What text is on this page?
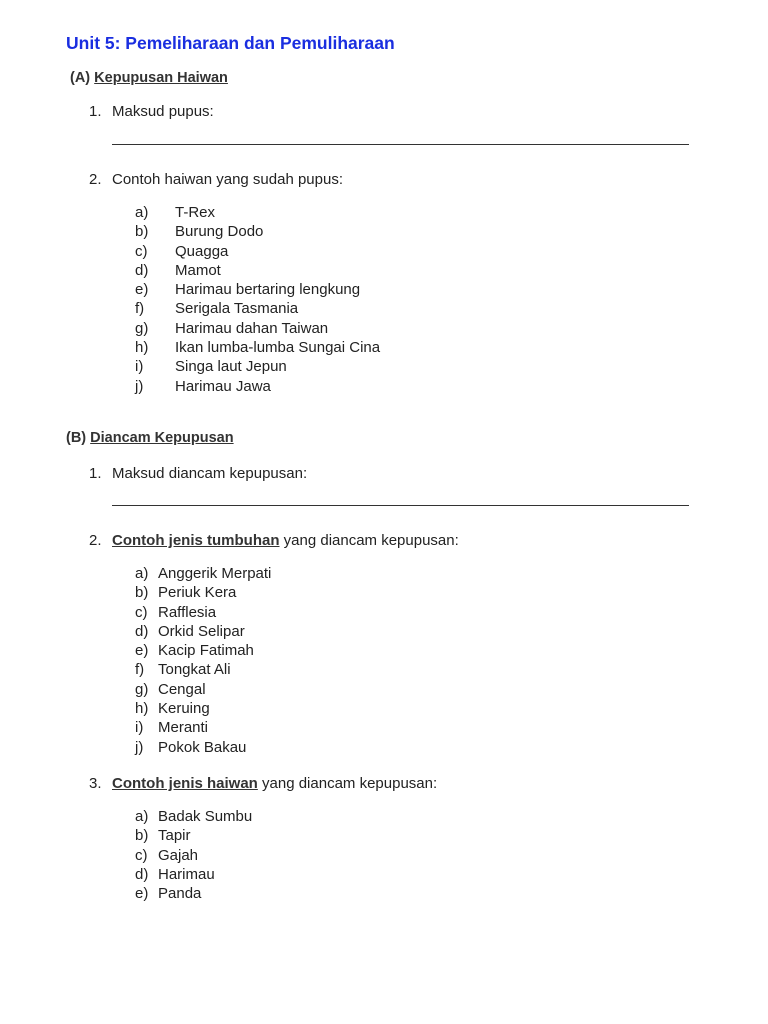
Unit 5: Pemeliharaan dan Pemuliharaan
(A) Kepupusan Haiwan
1. Maksud pupus:
2. Contoh haiwan yang sudah pupus:
a) T-Rex
b) Burung Dodo
c) Quagga
d) Mamot
e) Harimau bertaring lengkung
f) Serigala Tasmania
g) Harimau dahan Taiwan
h) Ikan lumba-lumba Sungai Cina
i) Singa laut Jepun
j) Harimau Jawa
(B) Diancam Kepupusan
1. Maksud diancam kepupusan:
2. Contoh jenis tumbuhan yang diancam kepupusan:
a) Anggerik Merpati
b) Periuk Kera
c) Rafflesia
d) Orkid Selipar
e) Kacip Fatimah
f) Tongkat Ali
g) Cengal
h) Keruing
i) Meranti
j) Pokok Bakau
3. Contoh jenis haiwan yang diancam kepupusan:
a) Badak Sumbu
b) Tapir
c) Gajah
d) Harimau
e) Panda
